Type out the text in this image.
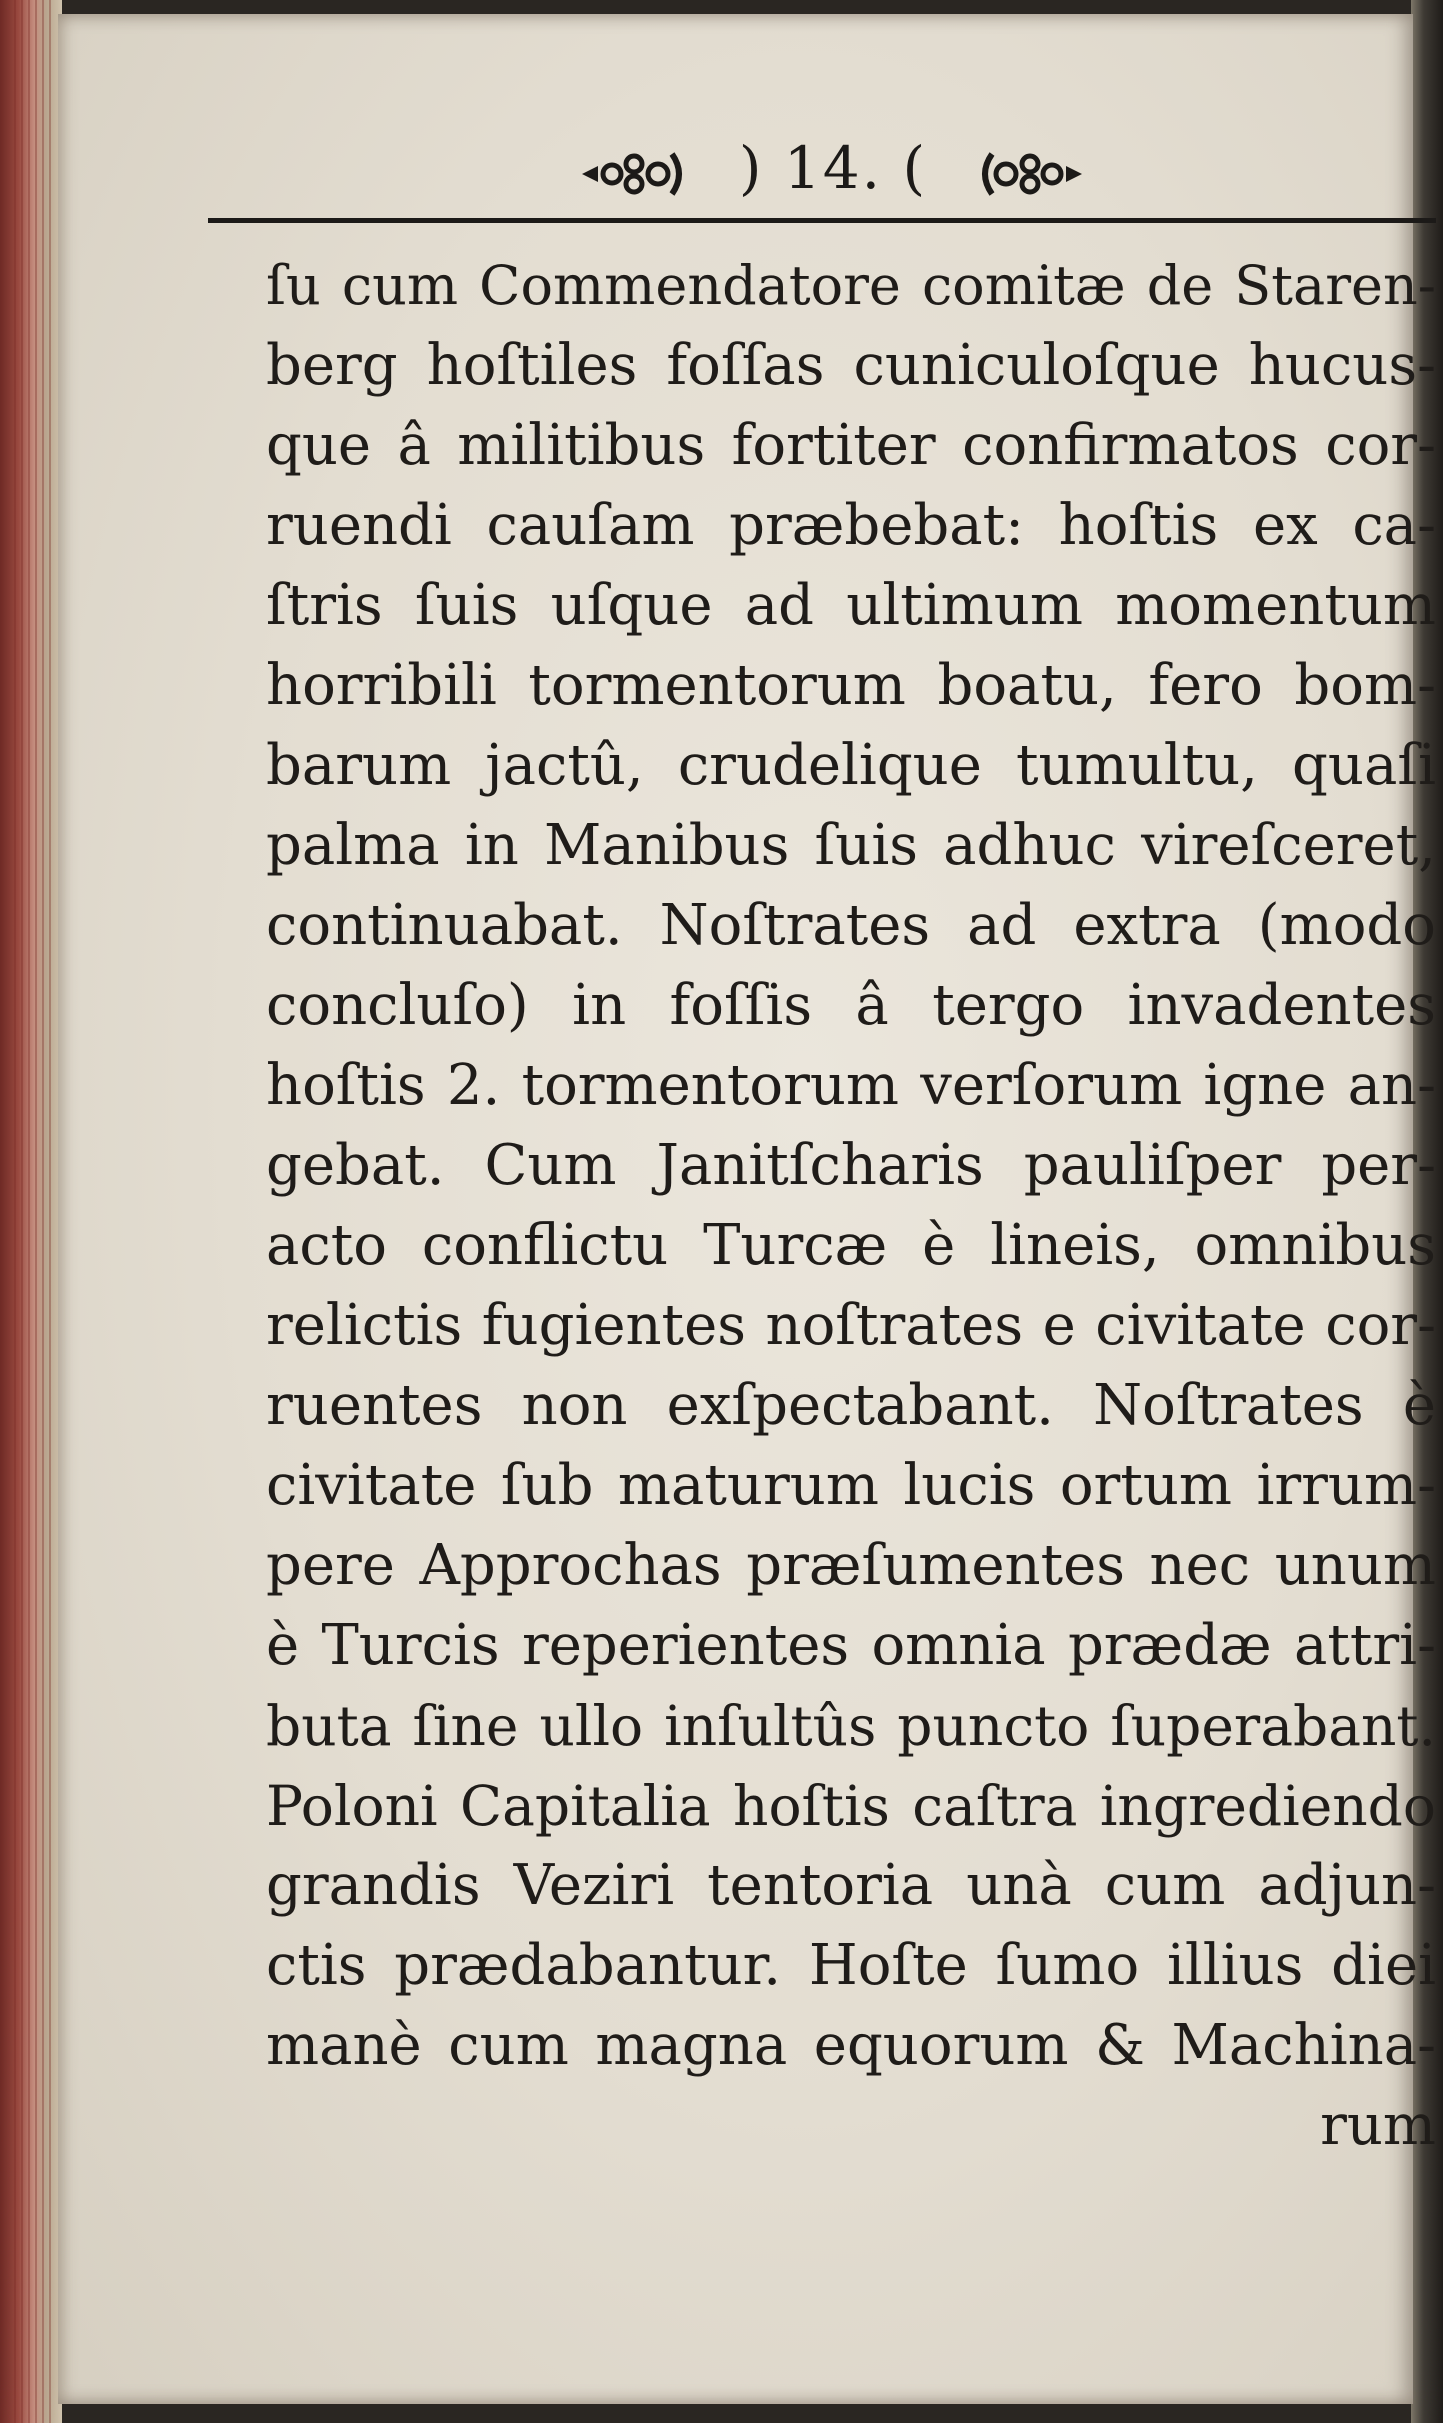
) 14. (
ſu cum Commendatore comitæ de Staren-
berg hoſtiles foſſas cuniculoſque hucus-
que â militibus fortiter confirmatos cor-
ruendi cauſam præbebat: hoſtis ex ca-
ſtris ſuis uſque ad ultimum momentum
horribili tormentorum boatu, fero bom-
barum jactû, crudelique tumultu, quaſi
palma in Manibus ſuis adhuc vireſceret,
continuabat. Noſtrates ad extra (modo
concluſo) in foſſis â tergo invadentes
hoſtis 2. tormentorum verſorum igne an-
gebat. Cum Janitſcharis pauliſper per-
acto conflictu Turcæ è lineis, omnibus
relictis fugientes noſtrates e civitate cor-
ruentes non exſpectabant. Noſtrates è
civitate ſub maturum lucis ortum irrum-
pere Approchas præſumentes nec unum
è Turcis reperientes omnia prædæ attri-
buta ſine ullo inſultûs puncto ſuperabant.
Poloni Capitalia hoſtis caſtra ingrediendo
grandis Veziri tentoria unà cum adjun-
ctis prædabantur. Hoſte ſumo illius diei
manè cum magna equorum & Machina-
rum
